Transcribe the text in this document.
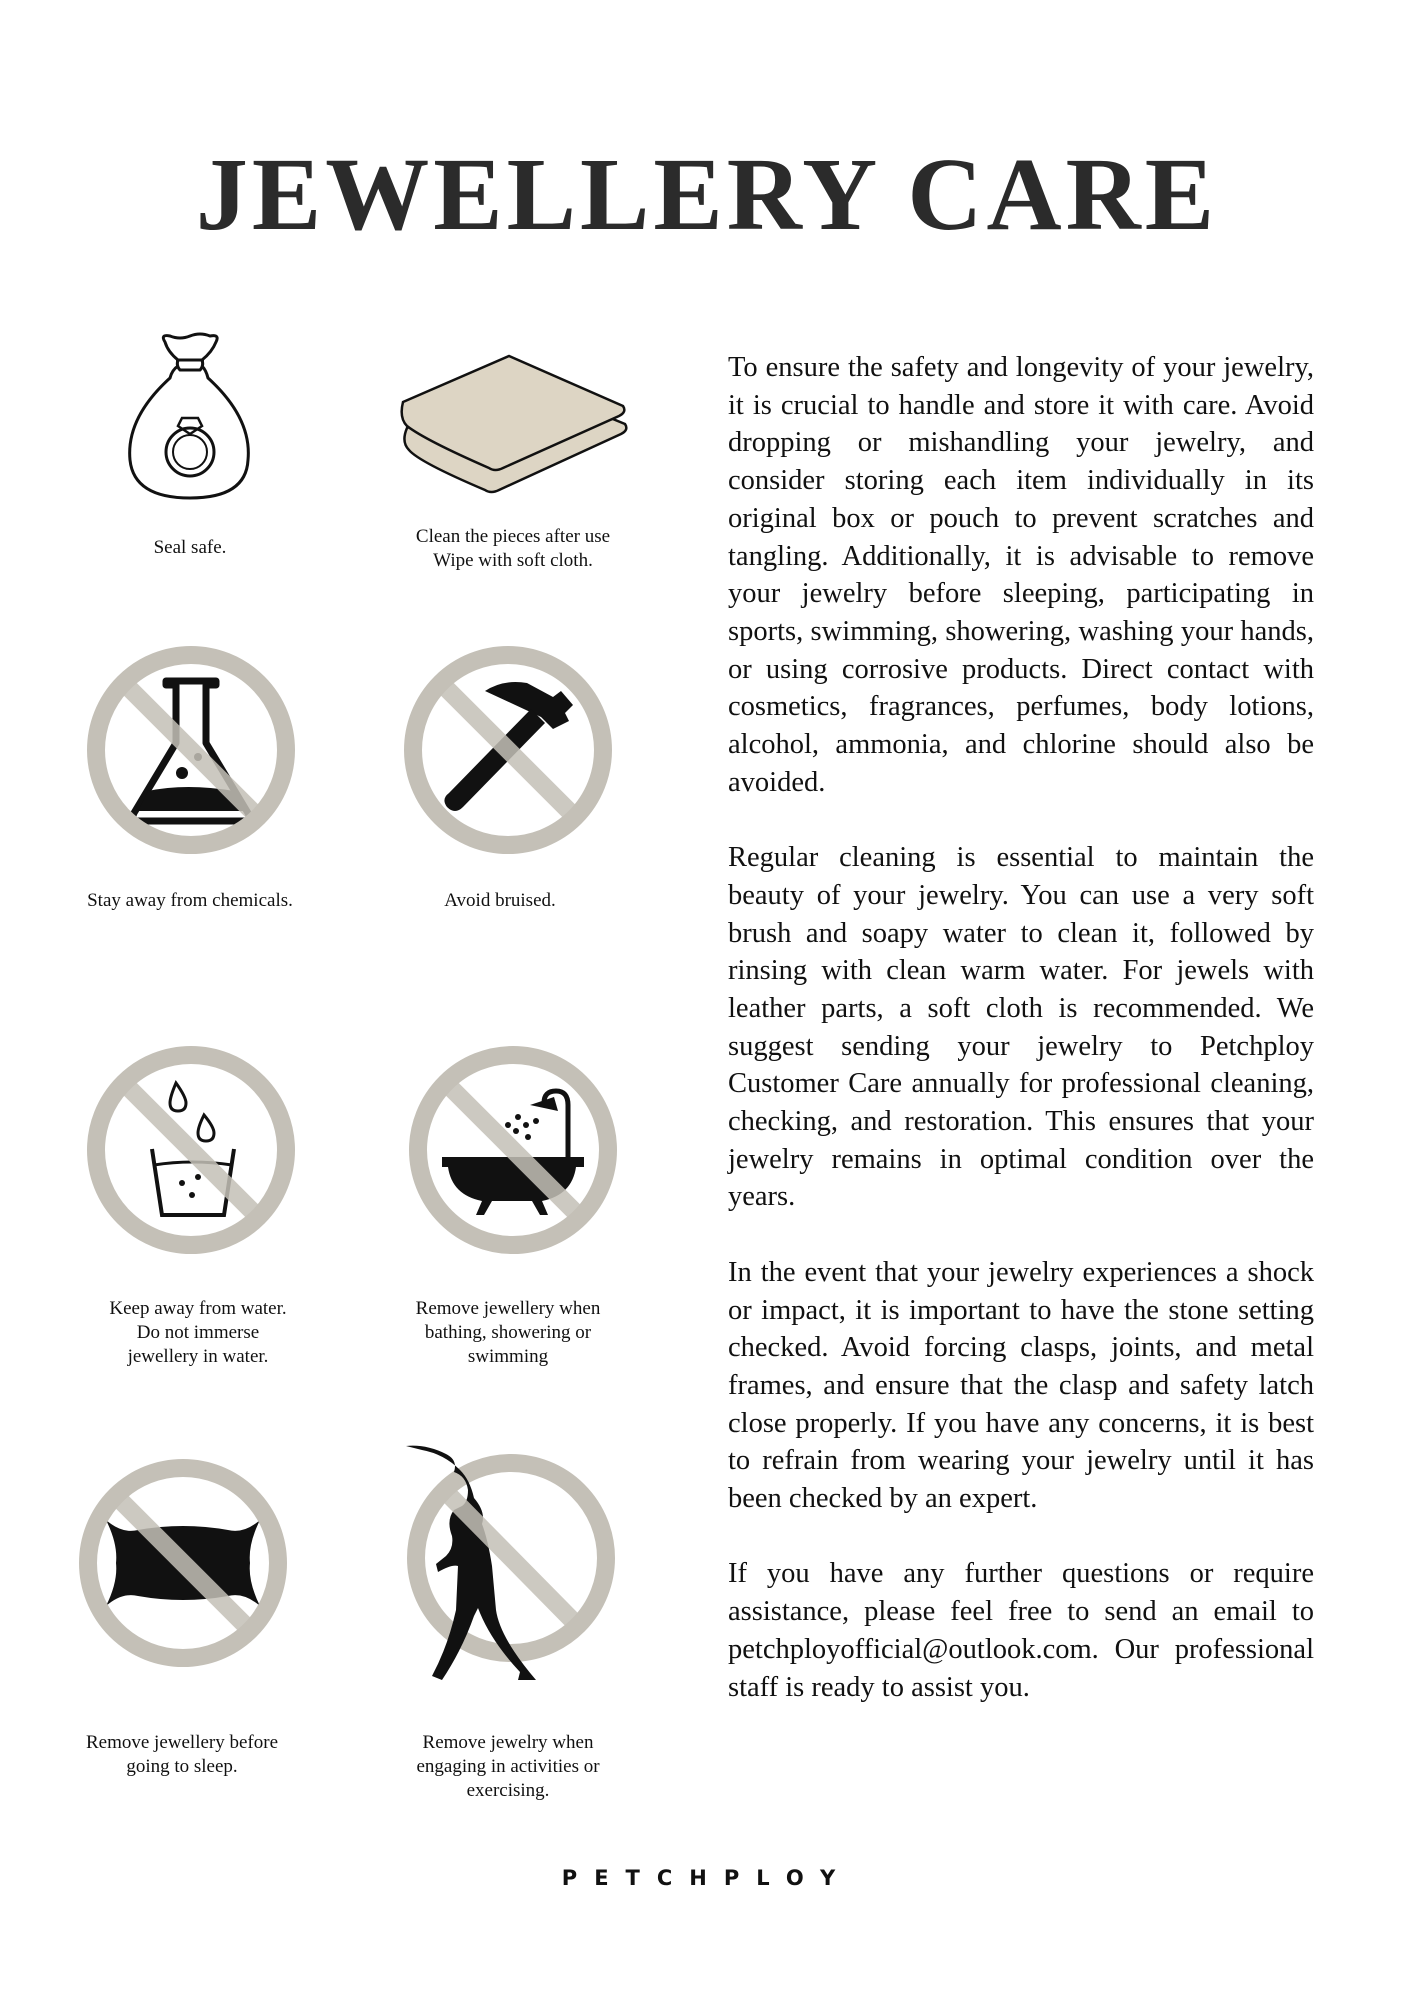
JEWELLERY CARE
Seal safe.
Clean the pieces after use
Wipe with soft cloth.
Stay away from chemicals.	Avoid bruised.
Keep away from water.
Do not immerse
jewellery in water.
Remove jewellery when
bathing, showering or
swimming
Remove jewellery before
going to sleep.
Remove jewelry when
engaging in activities or
exercising.

To ensure the safety and longevity of your jewelry, it is crucial to handle and store it with care. Avoid dropping or mishandling your jewelry, and consider storing each item individually in its original box or pouch to prevent scratches and tangling. Additionally, it is advisable to remove your jewelry before sleeping, participating in sports, swimming, showering, washing your hands, or using corrosive products. Direct contact with cosmetics, fragrances, perfumes, body lotions, alcohol, ammonia, and chlorine should also be avoided.

Regular cleaning is essential to maintain the beauty of your jewelry. You can use a very soft brush and soapy water to clean it, followed by rinsing with clean warm water. For jewels with leather parts, a soft cloth is recommended. We suggest sending your jewelry to Petchploy Customer Care annually for professional cleaning, checking, and restoration. This ensures that your jewelry remains in optimal condition over the years.

In the event that your jewelry experiences a shock or impact, it is important to have the stone setting checked. Avoid forcing clasps, joints, and metal frames, and ensure that the clasp and safety latch close properly. If you have any concerns, it is best to refrain from wearing your jewelry until it has been checked by an expert.

If you have any further questions or require assistance, please feel free to send an email to petchployofficial@outlook.com. Our professional staff is ready to assist you.

PETCHPLOY
